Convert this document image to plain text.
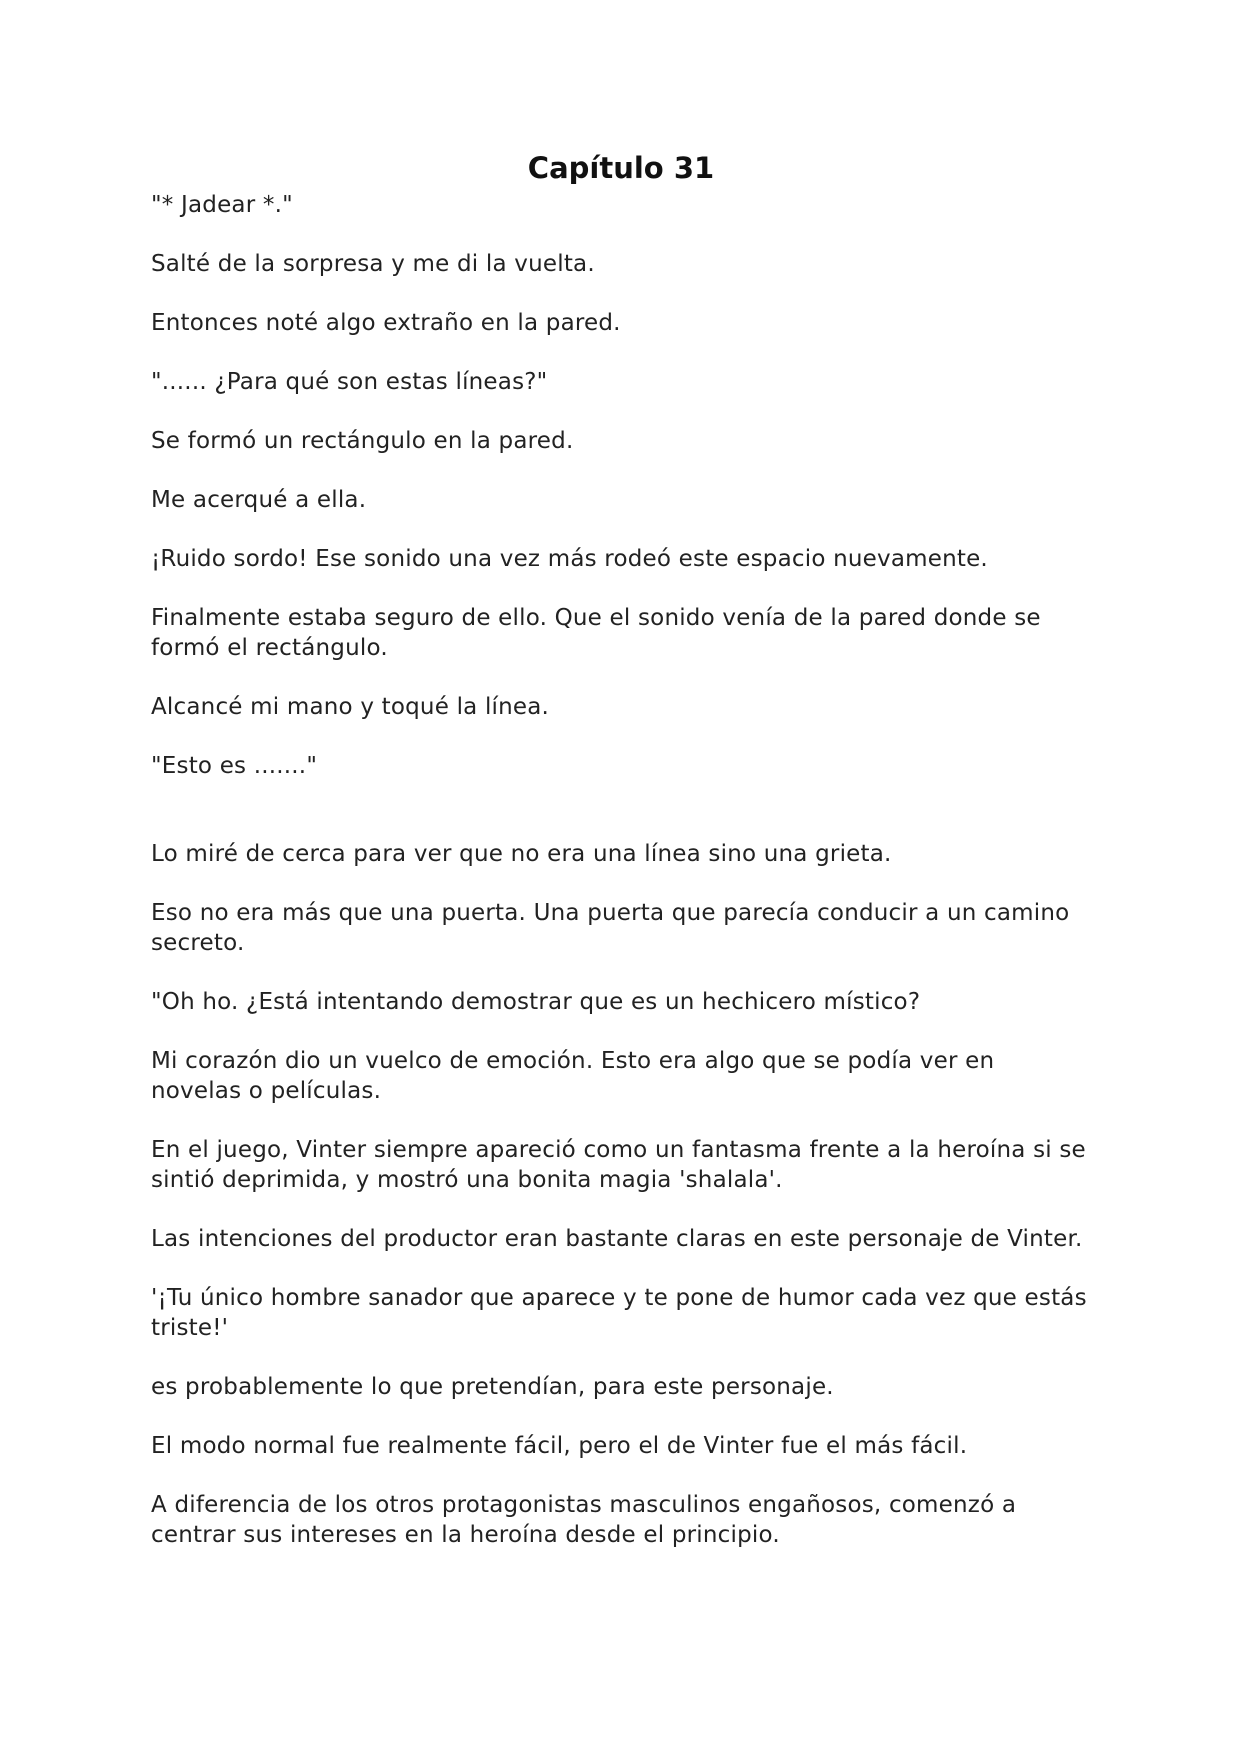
Capítulo 31

"* Jadear *."

Salté de la sorpresa y me di la vuelta.

Entonces noté algo extraño en la pared.

"...... ¿Para qué son estas líneas?"

Se formó un rectángulo en la pared.

Me acerqué a ella.

¡Ruido sordo! Ese sonido una vez más rodeó este espacio nuevamente.

Finalmente estaba seguro de ello. Que el sonido venía de la pared donde se formó el rectángulo.

Alcancé mi mano y toqué la línea.

"Esto es ......."

Lo miré de cerca para ver que no era una línea sino una grieta.

Eso no era más que una puerta. Una puerta que parecía conducir a un camino secreto.

"Oh ho. ¿Está intentando demostrar que es un hechicero místico?

Mi corazón dio un vuelco de emoción. Esto era algo que se podía ver en novelas o películas.

En el juego, Vinter siempre apareció como un fantasma frente a la heroína si se sintió deprimida, y mostró una bonita magia 'shalala'.

Las intenciones del productor eran bastante claras en este personaje de Vinter.

'¡Tu único hombre sanador que aparece y te pone de humor cada vez que estás triste!'

es probablemente lo que pretendían, para este personaje.

El modo normal fue realmente fácil, pero el de Vinter fue el más fácil.

A diferencia de los otros protagonistas masculinos engañosos, comenzó a centrar sus intereses en la heroína desde el principio.
